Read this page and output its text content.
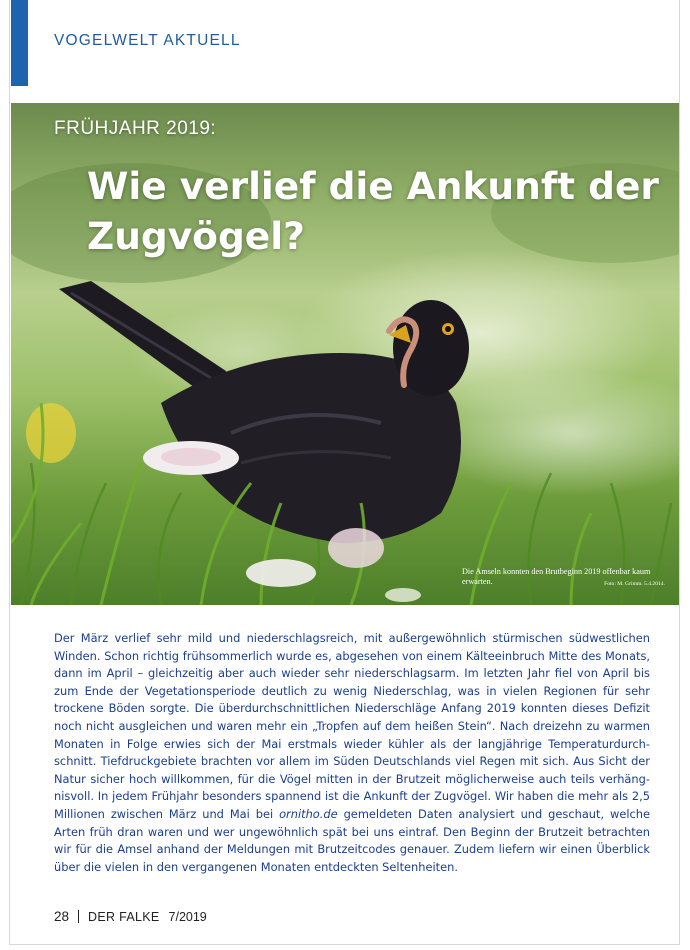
VOGELWELT AKTUELL
FRÜHJAHR 2019:
Wie verlief die Ankunft der Zugvögel?
Die Amseln konnten den Brutbeginn 2019 offenbar kaum erwarten.	Foto: M. Grimm. 5.4.2014.
Der März verlief sehr mild und niederschlagsreich, mit außergewöhnlich stürmischen südwestlichen Winden. Schon richtig frühsommerlich wurde es, abgesehen von einem Kälteeinbruch Mitte des Monats, dann im April – gleichzeitig aber auch wieder sehr niederschlagsarm. Im letzten Jahr fiel von April bis zum Ende der Vegetationsperiode deutlich zu wenig Niederschlag, was in vielen Regionen für sehr trockene Böden sorgte. Die überdurchschnittlichen Niederschläge Anfang 2019 konnten dieses Defizit noch nicht ausgleichen und waren mehr ein „Tropfen auf dem heißen Stein“. Nach dreizehn zu warmen Monaten in Folge erwies sich der Mai erstmals wieder kühler als der langjährige Temperaturdurchschnitt. Tiefdruckgebiete brachten vor allem im Süden Deutschlands viel Regen mit sich. Aus Sicht der Natur sicher hoch willkommen, für die Vögel mitten in der Brutzeit möglicherweise auch teils verhängnisvoll. In jedem Frühjahr besonders spannend ist die Ankunft der Zugvögel. Wir haben die mehr als 2,5 Millionen zwischen März und Mai bei ornitho.de gemeldeten Daten analysiert und geschaut, welche Arten früh dran waren und wer ungewöhnlich spät bei uns eintraf. Den Beginn der Brutzeit betrachten wir für die Amsel anhand der Meldungen mit Brutzeitcodes genauer. Zudem liefern wir einen Überblick über die vielen in den vergangenen Monaten entdeckten Seltenheiten.
28 DER FALKE 7/2019
